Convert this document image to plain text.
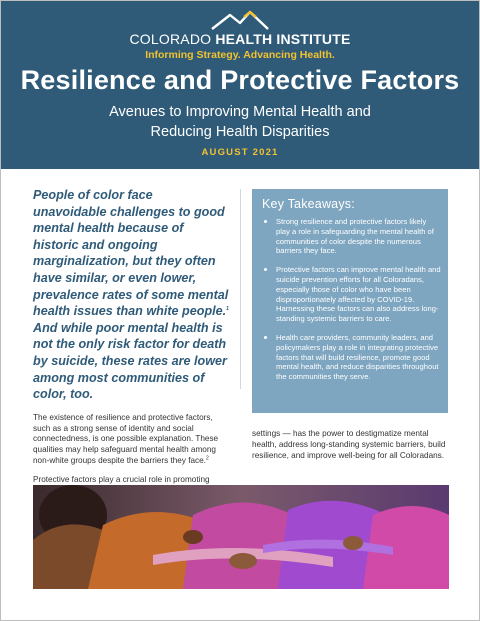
COLORADO HEALTH INSTITUTE
Informing Strategy. Advancing Health.
Resilience and Protective Factors
Avenues to Improving Mental Health and
Reducing Health Disparities
AUGUST 2021

People of color face unavoidable challenges to good mental health because of historic and ongoing marginalization, but they often have similar, or even lower, prevalence rates of some mental health issues than white people.$^1$ And while poor mental health is not the only risk factor for death by suicide, these rates are lower among most communities of color, too.

The existence of resilience and protective factors, such as a strong sense of identity and social connectedness, is one possible explanation. These qualities may help safeguard mental health among non-white groups despite the barriers they face.$^2$

Protective factors play a crucial role in promoting

Key Takeaways:
Strong resilience and protective factors likely play a role in safeguarding the mental health of communities of color despite the numerous barriers they face.
Protective factors can improve mental health and suicide prevention efforts for all Coloradans, especially those of color who have been disproportionately affected by COVID-19. Harnessing these factors can also address long-standing systemic barriers to care.
Health care providers, community leaders, and policymakers play a role in integrating protective factors that will build resilience, promote good mental health, and reduce disparities throughout the communities they serve.

settings — has the power to destigmatize mental health, address long-standing systemic barriers, build resilience, and improve well-being for all Coloradans.
